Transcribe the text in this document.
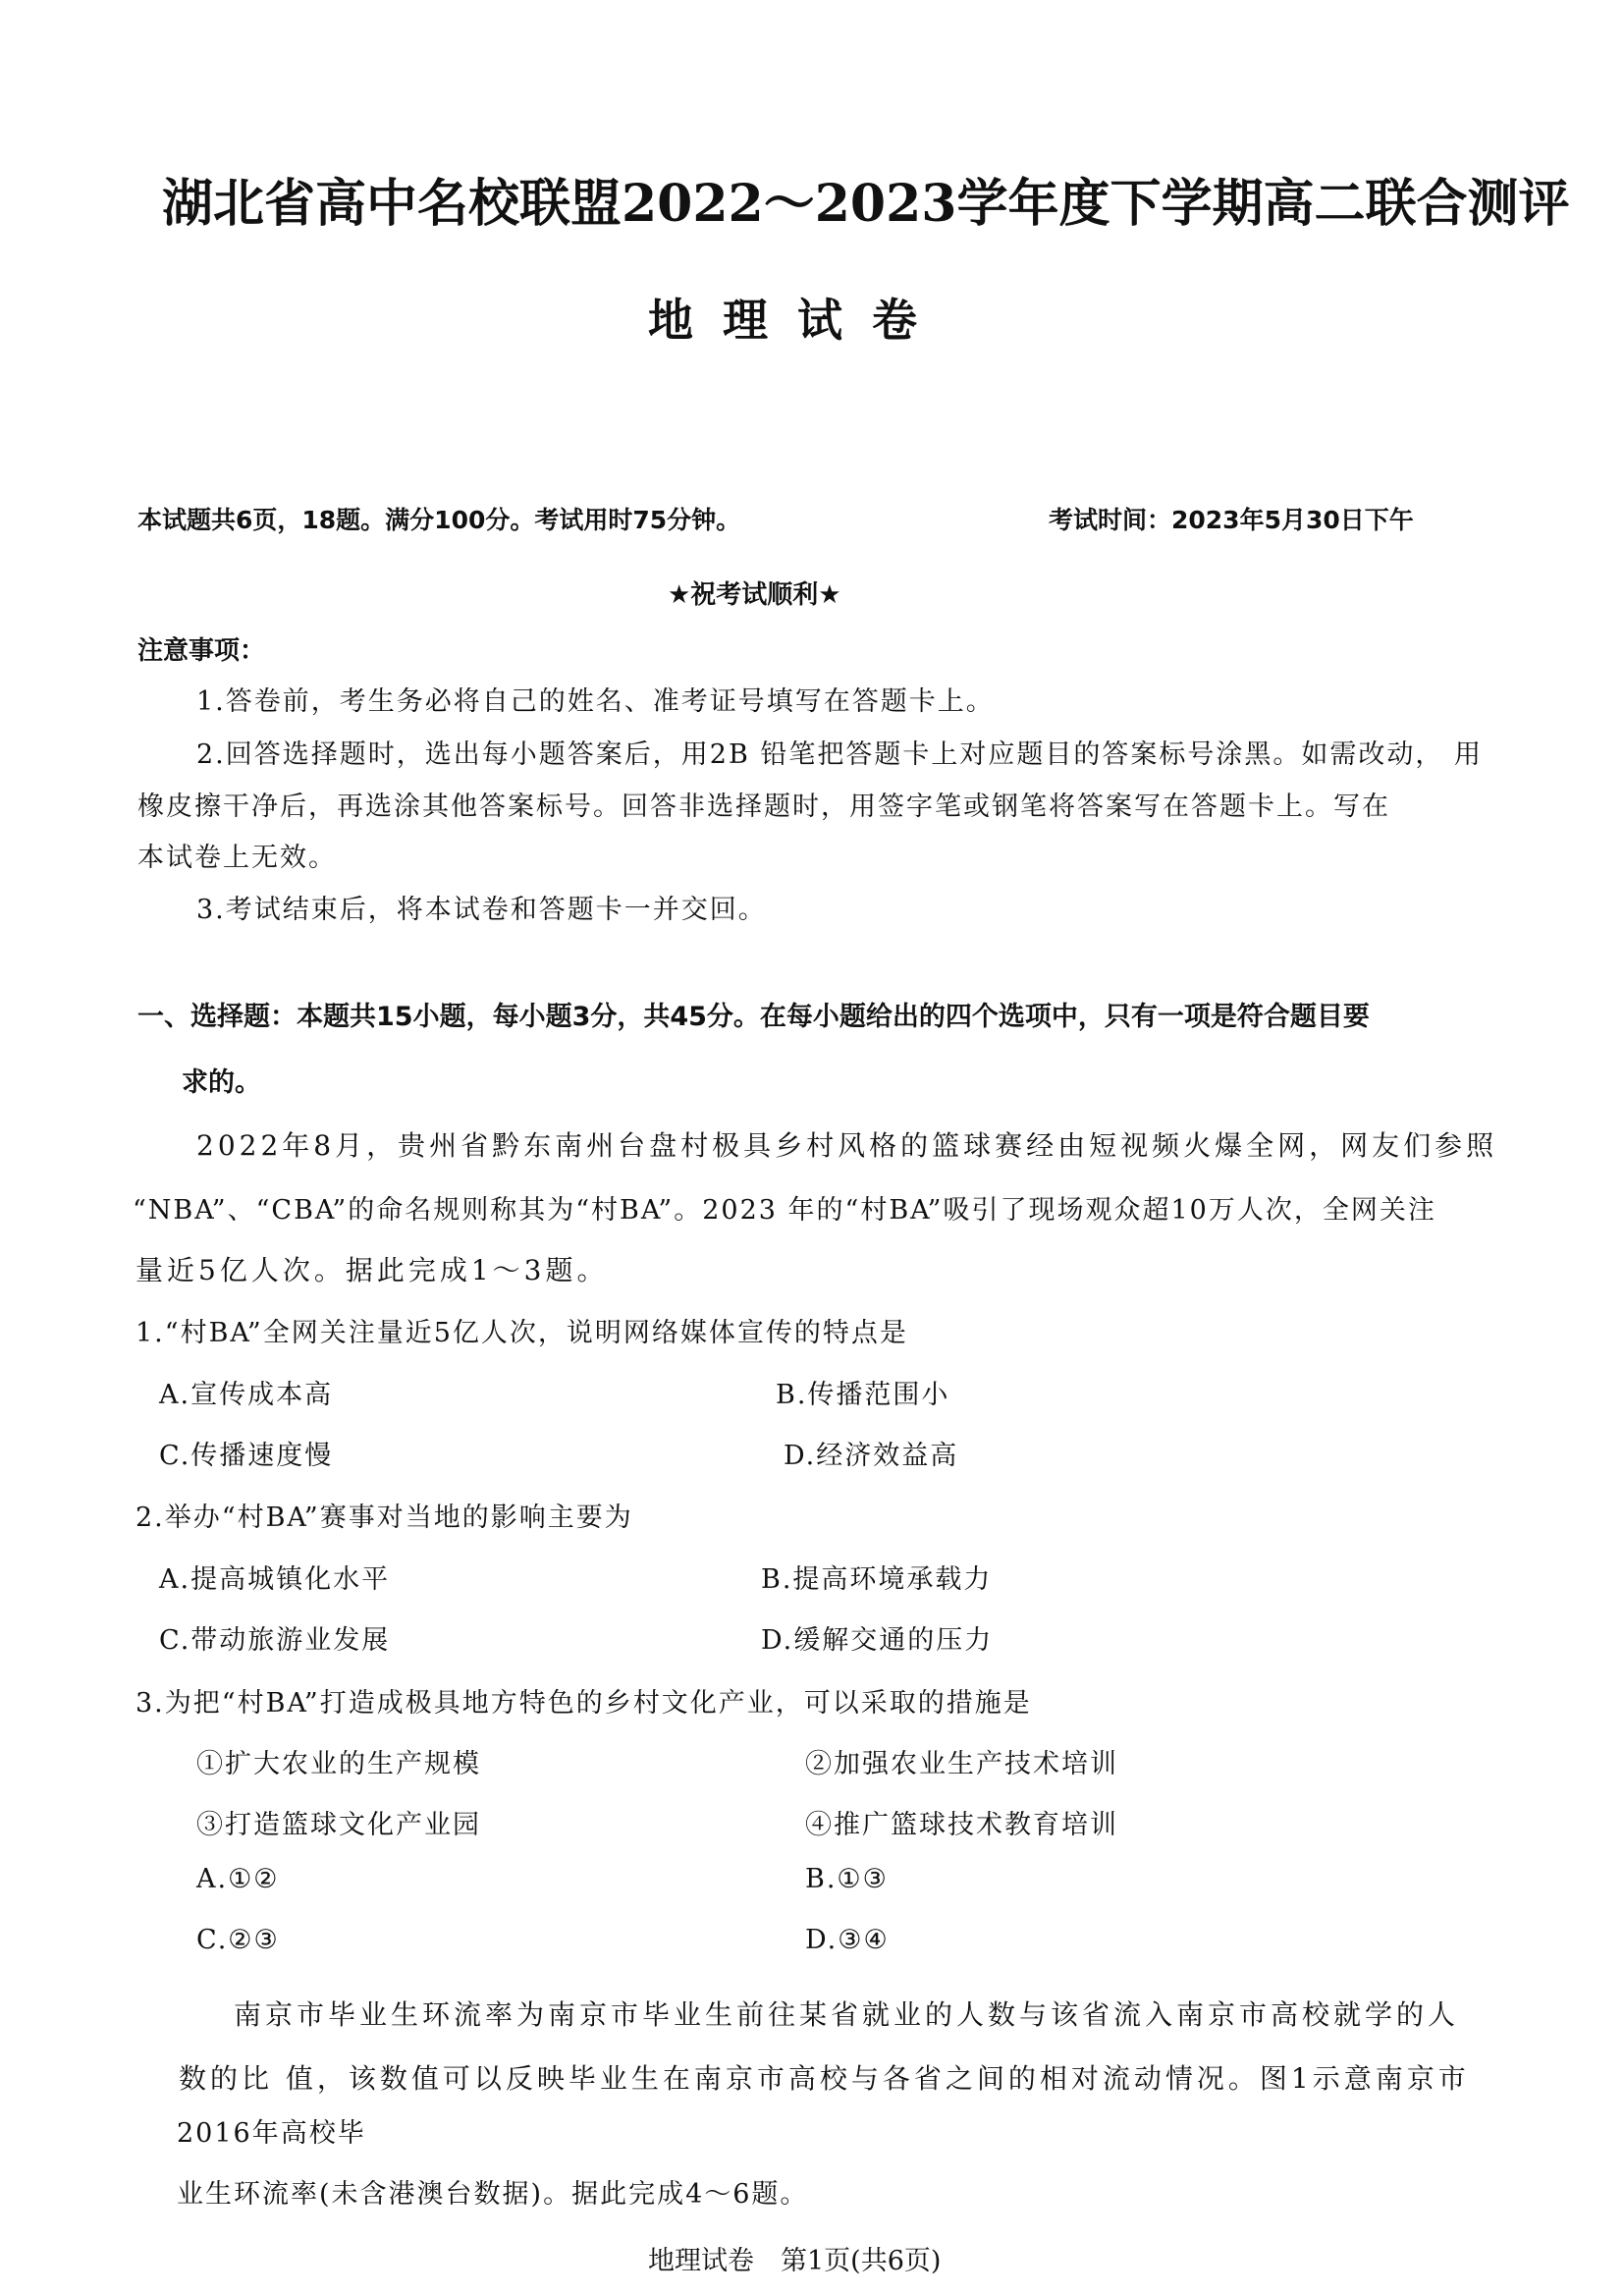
湖北省高中名校联盟2022～2023学年度下学期高二联合测评
地理试卷
本试题共6页，18题。满分100分。考试用时75分钟。	考试时间：2023年5月30日下午
★祝考试顺利★
注意事项：
1.答卷前，考生务必将自己的姓名、准考证号填写在答题卡上。
2.回答选择题时，选出每小题答案后，用2B 铅笔把答题卡上对应题目的答案标号涂黑。如需改动， 用
橡皮擦干净后，再选涂其他答案标号。回答非选择题时，用签字笔或钢笔将答案写在答题卡上。写在
本试卷上无效。
3.考试结束后，将本试卷和答题卡一并交回。
一、选择题：本题共15小题，每小题3分，共45分。在每小题给出的四个选项中，只有一项是符合题目要
求的。
2022年8月，贵州省黔东南州台盘村极具乡村风格的篮球赛经由短视频火爆全网，网友们参照
“NBA”、“CBA”的命名规则称其为“村BA”。2023 年的“村BA”吸引了现场观众超10万人次，全网关注
量近5亿人次。据此完成1～3题。
1.“村BA”全网关注量近5亿人次，说明网络媒体宣传的特点是
A.宣传成本高	B.传播范围小
C.传播速度慢	D.经济效益高
2.举办“村BA”赛事对当地的影响主要为
A.提高城镇化水平	B.提高环境承载力
C.带动旅游业发展	D.缓解交通的压力
3.为把“村BA”打造成极具地方特色的乡村文化产业，可以采取的措施是
①扩大农业的生产规模	②加强农业生产技术培训
③打造篮球文化产业园	④推广篮球技术教育培训
A.①②	B.①③
C.②③	D.③④
南京市毕业生环流率为南京市毕业生前往某省就业的人数与该省流入南京市高校就学的人
数的比 值，该数值可以反映毕业生在南京市高校与各省之间的相对流动情况。图1示意南京市
2016年高校毕
业生环流率(未含港澳台数据)。据此完成4～6题。
地理试卷　第1页(共6页)
